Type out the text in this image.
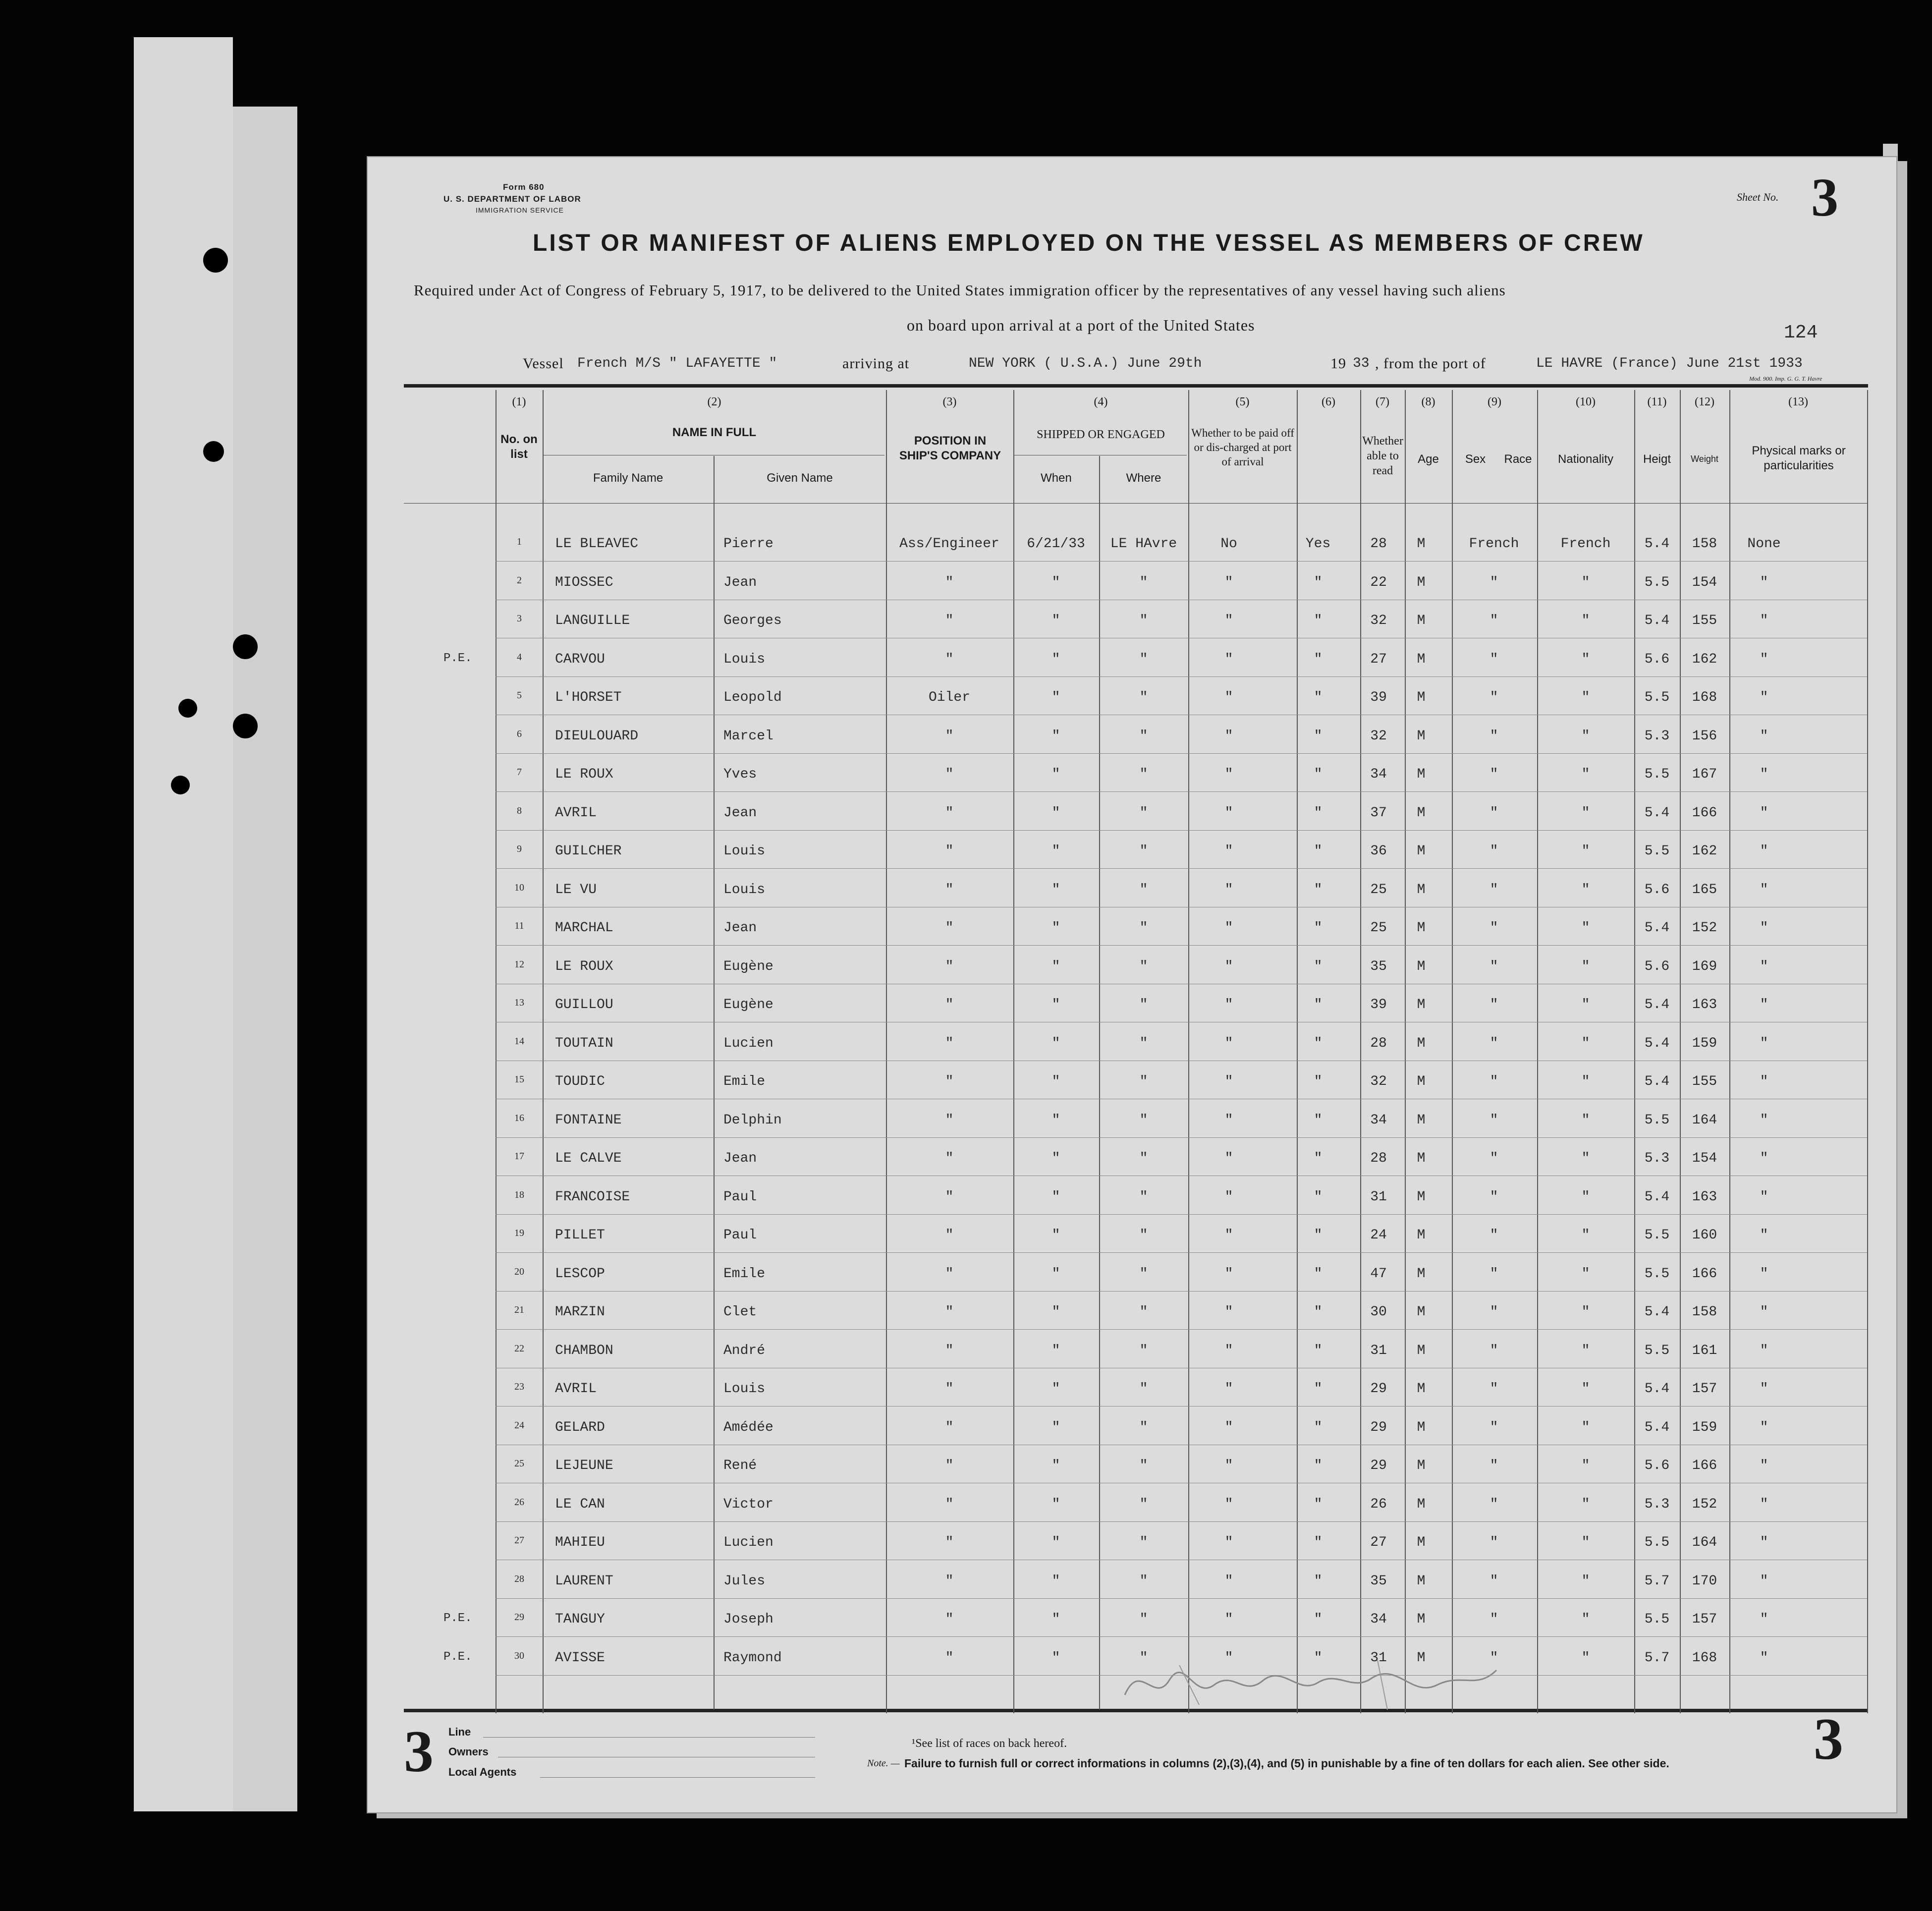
Form 680
U. S. DEPARTMENT OF LABOR
IMMIGRATION SERVICE
Sheet No. 3
LIST OR MANIFEST OF ALIENS EMPLOYED ON THE VESSEL AS MEMBERS OF CREW
Required under Act of Congress of February 5, 1917, to be delivered to the United States immigration officer by the representatives of any vessel having such aliens
on board upon arrival at a port of the United States	124
Vessel French M/S " LAFAYETTE "	arriving at	NEW YORK ( U.S.A.) June 29th	19 33 , from the port of	LE HAVRE (France) June 21st 1933
Mod. 900. Imp. G. G. T. Havre
(1)	(2)	(3)	(4)	(5)	(6)	(7)	(8)	(9)	(10)	(11)	(12)	(13)
No. on list
NAME IN FULL
Family Name	Given Name
POSITION IN SHIP'S COMPANY
SHIPPED OR ENGAGED
When	Where
Whether to be paid off or dis-charged at port of arrival
Whether able to read
Age	Sex	Race	Nationality	Heigt	Weight
Physical marks or particularities
1	LE BLEAVEC	Pierre	Ass/Engineer	6/21/33	LE HAvre	No	Yes	28	M	French	French	5.4	158	None
2	MIOSSEC	Jean	"	"	"	"	"	22	M	"	"	5.5	154	"
3	LANGUILLE	Georges	"	"	"	"	"	32	M	"	"	5.4	155	"
P.E.	4	CARVOU	Louis	"	"	"	"	"	27	M	"	"	5.6	162	"
5	L'HORSET	Leopold	Oiler	"	"	"	"	39	M	"	"	5.5	168	"
6	DIEULOUARD	Marcel	"	"	"	"	"	32	M	"	"	5.3	156	"
7	LE ROUX	Yves	"	"	"	"	"	34	M	"	"	5.5	167	"
8	AVRIL	Jean	"	"	"	"	"	37	M	"	"	5.4	166	"
9	GUILCHER	Louis	"	"	"	"	"	36	M	"	"	5.5	162	"
10	LE VU	Louis	"	"	"	"	"	25	M	"	"	5.6	165	"
11	MARCHAL	Jean	"	"	"	"	"	25	M	"	"	5.4	152	"
12	LE ROUX	Eugène	"	"	"	"	"	35	M	"	"	5.6	169	"
13	GUILLOU	Eugène	"	"	"	"	"	39	M	"	"	5.4	163	"
14	TOUTAIN	Lucien	"	"	"	"	"	28	M	"	"	5.4	159	"
15	TOUDIC	Emile	"	"	"	"	"	32	M	"	"	5.4	155	"
16	FONTAINE	Delphin	"	"	"	"	"	34	M	"	"	5.5	164	"
17	LE CALVE	Jean	"	"	"	"	"	28	M	"	"	5.3	154	"
18	FRANCOISE	Paul	"	"	"	"	"	31	M	"	"	5.4	163	"
19	PILLET	Paul	"	"	"	"	"	24	M	"	"	5.5	160	"
20	LESCOP	Emile	"	"	"	"	"	47	M	"	"	5.5	166	"
21	MARZIN	Clet	"	"	"	"	"	30	M	"	"	5.4	158	"
22	CHAMBON	André	"	"	"	"	"	31	M	"	"	5.5	161	"
23	AVRIL	Louis	"	"	"	"	"	29	M	"	"	5.4	157	"
24	GELARD	Amédée	"	"	"	"	"	29	M	"	"	5.4	159	"
25	LEJEUNE	René	"	"	"	"	"	29	M	"	"	5.6	166	"
26	LE CAN	Victor	"	"	"	"	"	26	M	"	"	5.3	152	"
27	MAHIEU	Lucien	"	"	"	"	"	27	M	"	"	5.5	164	"
28	LAURENT	Jules	"	"	"	"	"	35	M	"	"	5.7	170	"
P.E.	29	TANGUY	Joseph	"	"	"	"	"	34	M	"	"	5.5	157	"
P.E.	30	AVISSE	Raymond	"	"	"	"	"	31	M	"	"	5.7	168	"
Line
Owners
Local Agents
¹See list of races on back hereof.
Note. — Failure to furnish full or correct informations in columns (2),(3),(4), and (5) in punishable by a fine of ten dollars for each alien. See other side.
3	3
